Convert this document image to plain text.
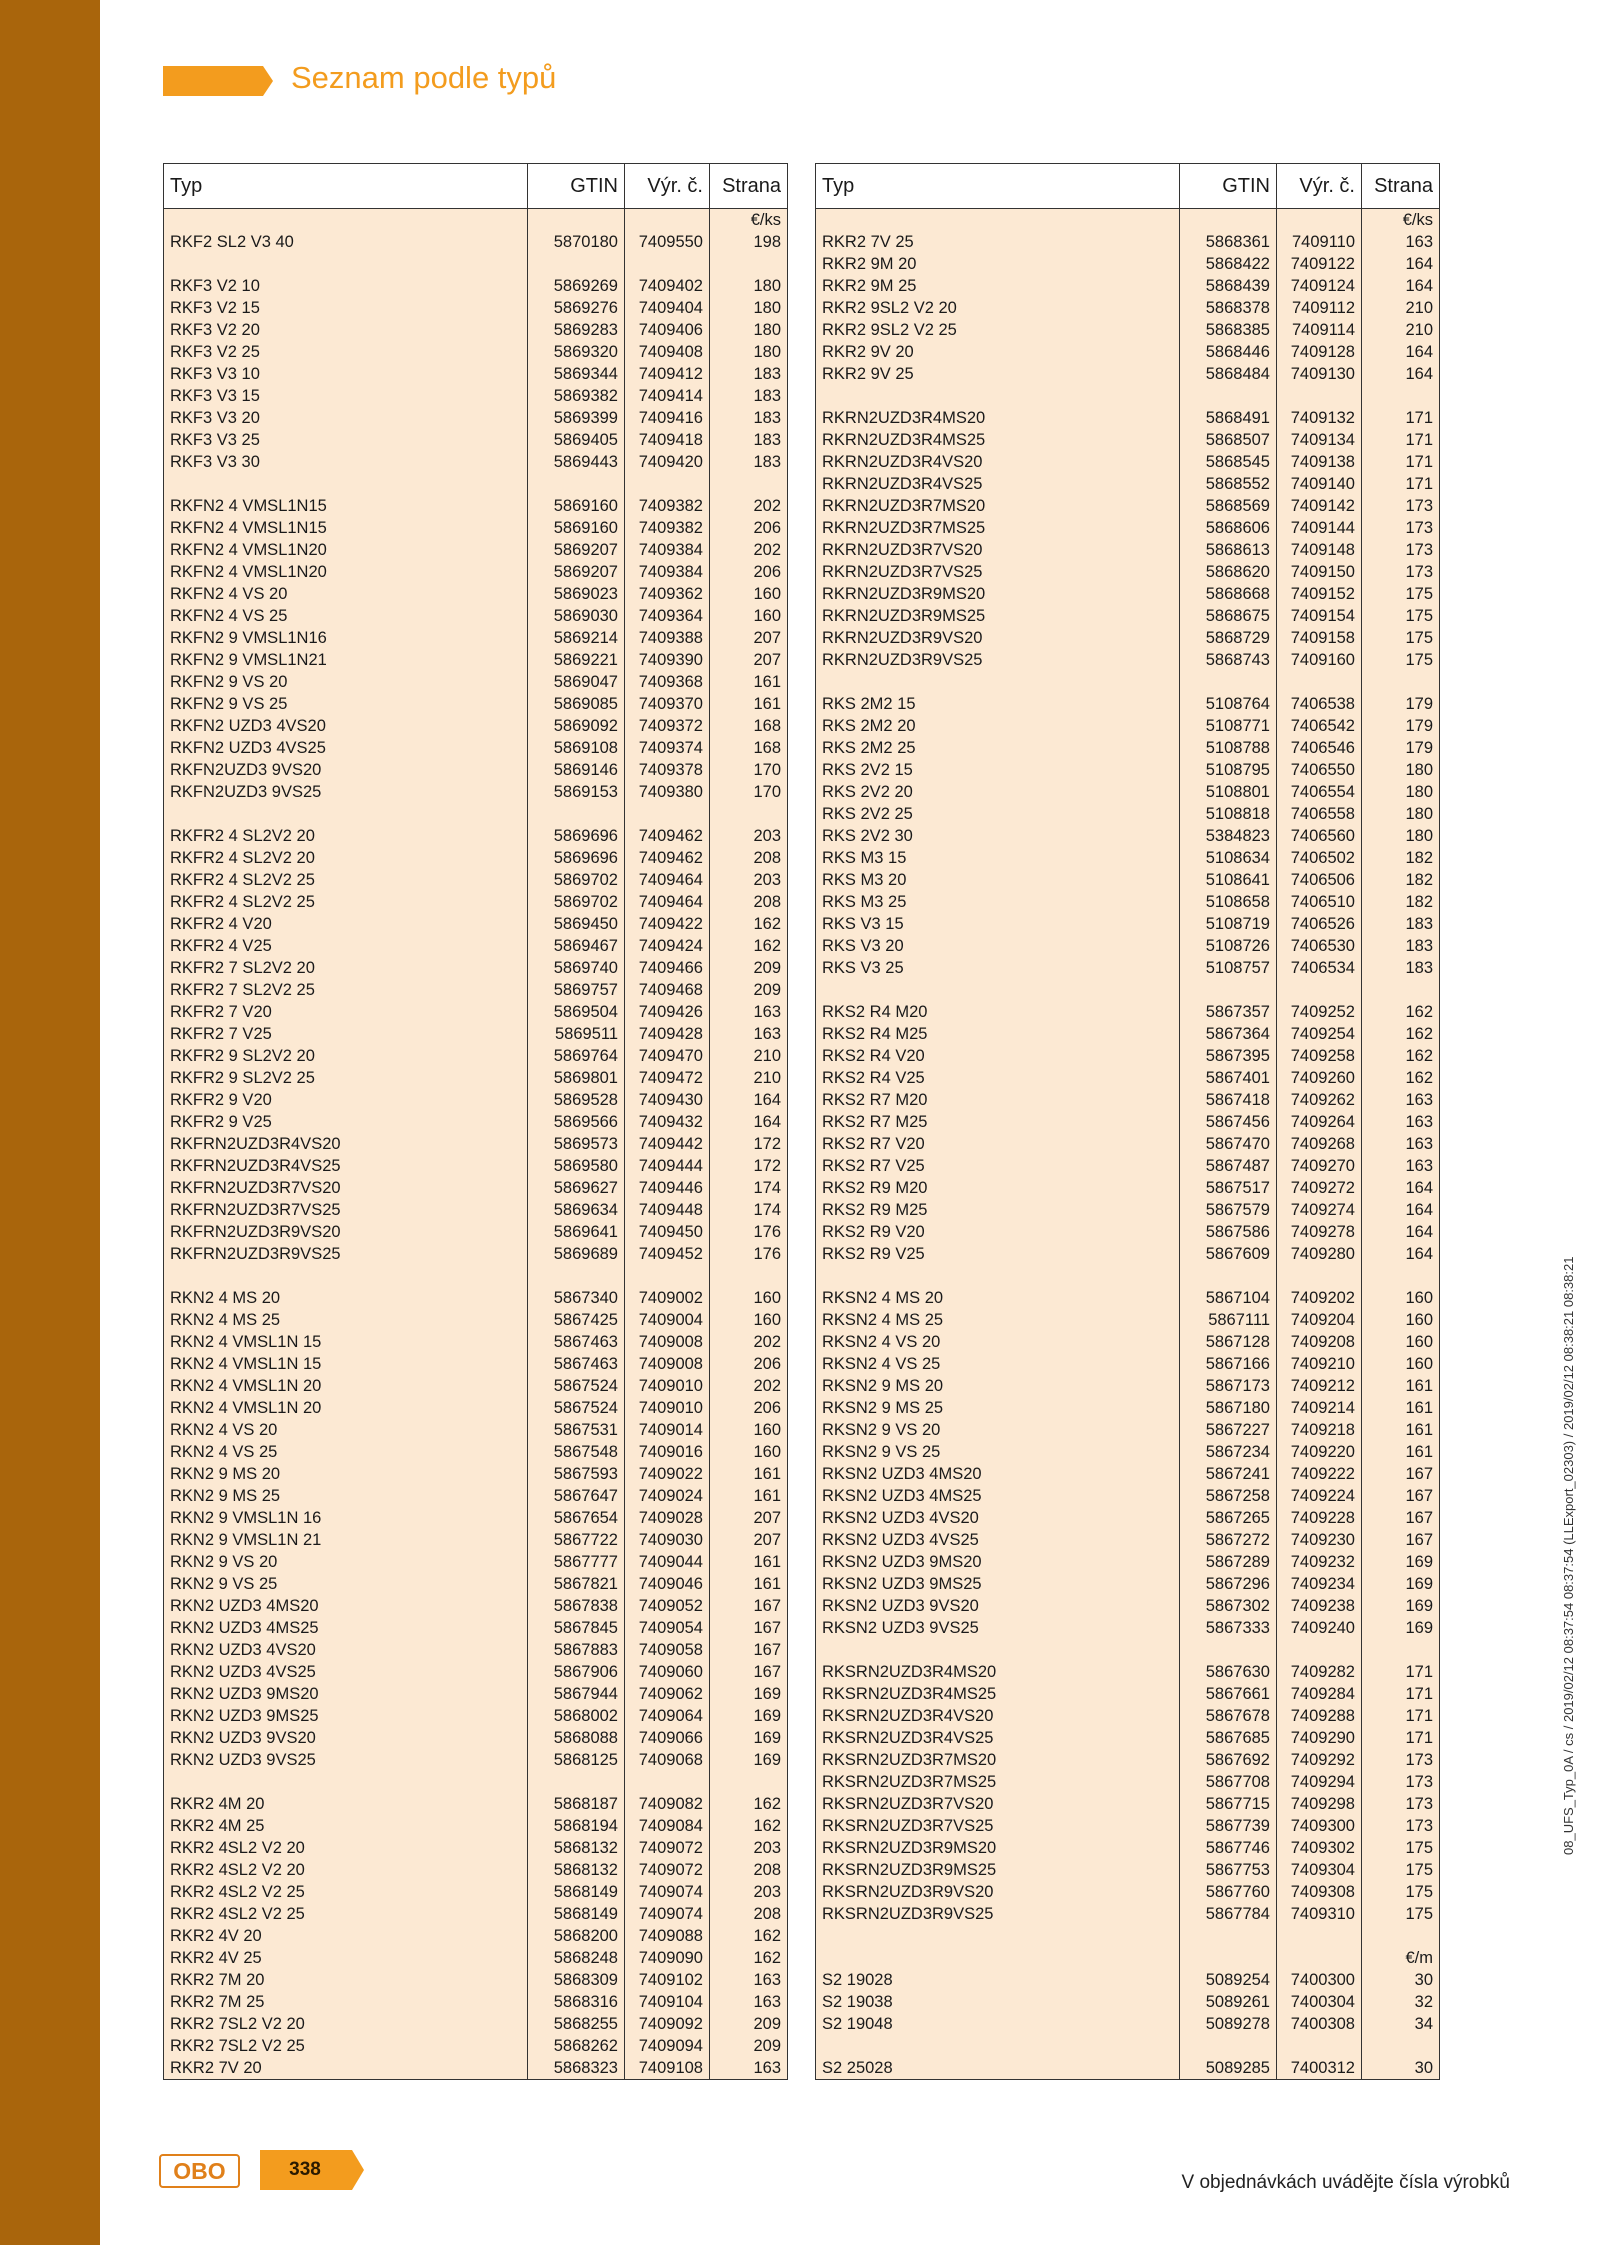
Seznam podle typů
Typ	GTIN	Výr. č.	Strana
			€/ks
RKF2 SL2 V3 40	5870180	7409550	198

RKF3 V2 10	5869269	7409402	180
RKF3 V2 15	5869276	7409404	180
RKF3 V2 20	5869283	7409406	180
RKF3 V2 25	5869320	7409408	180
RKF3 V3 10	5869344	7409412	183
RKF3 V3 15	5869382	7409414	183
RKF3 V3 20	5869399	7409416	183
RKF3 V3 25	5869405	7409418	183
RKF3 V3 30	5869443	7409420	183

RKFN2 4 VMSL1N15	5869160	7409382	202
RKFN2 4 VMSL1N15	5869160	7409382	206
RKFN2 4 VMSL1N20	5869207	7409384	202
RKFN2 4 VMSL1N20	5869207	7409384	206
RKFN2 4 VS 20	5869023	7409362	160
RKFN2 4 VS 25	5869030	7409364	160
RKFN2 9 VMSL1N16	5869214	7409388	207
RKFN2 9 VMSL1N21	5869221	7409390	207
RKFN2 9 VS 20	5869047	7409368	161
RKFN2 9 VS 25	5869085	7409370	161
RKFN2 UZD3 4VS20	5869092	7409372	168
RKFN2 UZD3 4VS25	5869108	7409374	168
RKFN2UZD3 9VS20	5869146	7409378	170
RKFN2UZD3 9VS25	5869153	7409380	170

RKFR2 4 SL2V2 20	5869696	7409462	203
RKFR2 4 SL2V2 20	5869696	7409462	208
RKFR2 4 SL2V2 25	5869702	7409464	203
RKFR2 4 SL2V2 25	5869702	7409464	208
RKFR2 4 V20	5869450	7409422	162
RKFR2 4 V25	5869467	7409424	162
RKFR2 7 SL2V2 20	5869740	7409466	209
RKFR2 7 SL2V2 25	5869757	7409468	209
RKFR2 7 V20	5869504	7409426	163
RKFR2 7 V25	5869511	7409428	163
RKFR2 9 SL2V2 20	5869764	7409470	210
RKFR2 9 SL2V2 25	5869801	7409472	210
RKFR2 9 V20	5869528	7409430	164
RKFR2 9 V25	5869566	7409432	164
RKFRN2UZD3R4VS20	5869573	7409442	172
RKFRN2UZD3R4VS25	5869580	7409444	172
RKFRN2UZD3R7VS20	5869627	7409446	174
RKFRN2UZD3R7VS25	5869634	7409448	174
RKFRN2UZD3R9VS20	5869641	7409450	176
RKFRN2UZD3R9VS25	5869689	7409452	176

RKN2 4 MS 20	5867340	7409002	160
RKN2 4 MS 25	5867425	7409004	160
RKN2 4 VMSL1N 15	5867463	7409008	202
RKN2 4 VMSL1N 15	5867463	7409008	206
RKN2 4 VMSL1N 20	5867524	7409010	202
RKN2 4 VMSL1N 20	5867524	7409010	206
RKN2 4 VS 20	5867531	7409014	160
RKN2 4 VS 25	5867548	7409016	160
RKN2 9 MS 20	5867593	7409022	161
RKN2 9 MS 25	5867647	7409024	161
RKN2 9 VMSL1N 16	5867654	7409028	207
RKN2 9 VMSL1N 21	5867722	7409030	207
RKN2 9 VS 20	5867777	7409044	161
RKN2 9 VS 25	5867821	7409046	161
RKN2 UZD3 4MS20	5867838	7409052	167
RKN2 UZD3 4MS25	5867845	7409054	167
RKN2 UZD3 4VS20	5867883	7409058	167
RKN2 UZD3 4VS25	5867906	7409060	167
RKN2 UZD3 9MS20	5867944	7409062	169
RKN2 UZD3 9MS25	5868002	7409064	169
RKN2 UZD3 9VS20	5868088	7409066	169
RKN2 UZD3 9VS25	5868125	7409068	169

RKR2 4M 20	5868187	7409082	162
RKR2 4M 25	5868194	7409084	162
RKR2 4SL2 V2 20	5868132	7409072	203
RKR2 4SL2 V2 20	5868132	7409072	208
RKR2 4SL2 V2 25	5868149	7409074	203
RKR2 4SL2 V2 25	5868149	7409074	208
RKR2 4V 20	5868200	7409088	162
RKR2 4V 25	5868248	7409090	162
RKR2 7M 20	5868309	7409102	163
RKR2 7M 25	5868316	7409104	163
RKR2 7SL2 V2 20	5868255	7409092	209
RKR2 7SL2 V2 25	5868262	7409094	209
RKR2 7V 20	5868323	7409108	163
Typ	GTIN	Výr. č.	Strana
			€/ks
RKR2 7V 25	5868361	7409110	163
RKR2 9M 20	5868422	7409122	164
RKR2 9M 25	5868439	7409124	164
RKR2 9SL2 V2 20	5868378	7409112	210
RKR2 9SL2 V2 25	5868385	7409114	210
RKR2 9V 20	5868446	7409128	164
RKR2 9V 25	5868484	7409130	164

RKRN2UZD3R4MS20	5868491	7409132	171
RKRN2UZD3R4MS25	5868507	7409134	171
RKRN2UZD3R4VS20	5868545	7409138	171
RKRN2UZD3R4VS25	5868552	7409140	171
RKRN2UZD3R7MS20	5868569	7409142	173
RKRN2UZD3R7MS25	5868606	7409144	173
RKRN2UZD3R7VS20	5868613	7409148	173
RKRN2UZD3R7VS25	5868620	7409150	173
RKRN2UZD3R9MS20	5868668	7409152	175
RKRN2UZD3R9MS25	5868675	7409154	175
RKRN2UZD3R9VS20	5868729	7409158	175
RKRN2UZD3R9VS25	5868743	7409160	175

RKS 2M2 15	5108764	7406538	179
RKS 2M2 20	5108771	7406542	179
RKS 2M2 25	5108788	7406546	179
RKS 2V2 15	5108795	7406550	180
RKS 2V2 20	5108801	7406554	180
RKS 2V2 25	5108818	7406558	180
RKS 2V2 30	5384823	7406560	180
RKS M3 15	5108634	7406502	182
RKS M3 20	5108641	7406506	182
RKS M3 25	5108658	7406510	182
RKS V3 15	5108719	7406526	183
RKS V3 20	5108726	7406530	183
RKS V3 25	5108757	7406534	183

RKS2 R4 M20	5867357	7409252	162
RKS2 R4 M25	5867364	7409254	162
RKS2 R4 V20	5867395	7409258	162
RKS2 R4 V25	5867401	7409260	162
RKS2 R7 M20	5867418	7409262	163
RKS2 R7 M25	5867456	7409264	163
RKS2 R7 V20	5867470	7409268	163
RKS2 R7 V25	5867487	7409270	163
RKS2 R9 M20	5867517	7409272	164
RKS2 R9 M25	5867579	7409274	164
RKS2 R9 V20	5867586	7409278	164
RKS2 R9 V25	5867609	7409280	164

RKSN2 4 MS 20	5867104	7409202	160
RKSN2 4 MS 25	5867111	7409204	160
RKSN2 4 VS 20	5867128	7409208	160
RKSN2 4 VS 25	5867166	7409210	160
RKSN2 9 MS 20	5867173	7409212	161
RKSN2 9 MS 25	5867180	7409214	161
RKSN2 9 VS 20	5867227	7409218	161
RKSN2 9 VS 25	5867234	7409220	161
RKSN2 UZD3 4MS20	5867241	7409222	167
RKSN2 UZD3 4MS25	5867258	7409224	167
RKSN2 UZD3 4VS20	5867265	7409228	167
RKSN2 UZD3 4VS25	5867272	7409230	167
RKSN2 UZD3 9MS20	5867289	7409232	169
RKSN2 UZD3 9MS25	5867296	7409234	169
RKSN2 UZD3 9VS20	5867302	7409238	169
RKSN2 UZD3 9VS25	5867333	7409240	169

RKSRN2UZD3R4MS20	5867630	7409282	171
RKSRN2UZD3R4MS25	5867661	7409284	171
RKSRN2UZD3R4VS20	5867678	7409288	171
RKSRN2UZD3R4VS25	5867685	7409290	171
RKSRN2UZD3R7MS20	5867692	7409292	173
RKSRN2UZD3R7MS25	5867708	7409294	173
RKSRN2UZD3R7VS20	5867715	7409298	173
RKSRN2UZD3R7VS25	5867739	7409300	173
RKSRN2UZD3R9MS20	5867746	7409302	175
RKSRN2UZD3R9MS25	5867753	7409304	175
RKSRN2UZD3R9VS20	5867760	7409308	175
RKSRN2UZD3R9VS25	5867784	7409310	175

			€/m
S2 19028	5089254	7400300	30
S2 19038	5089261	7400304	32
S2 19048	5089278	7400308	34

S2 25028	5089285	7400312	30
08_UFS_Typ_0A / cs / 2019/02/12 08:37:54 08:37:54 (LLExport_02303) / 2019/02/12 08:38:21 08:38:21
OBO	338
V objednávkách uvádějte čísla výrobků
